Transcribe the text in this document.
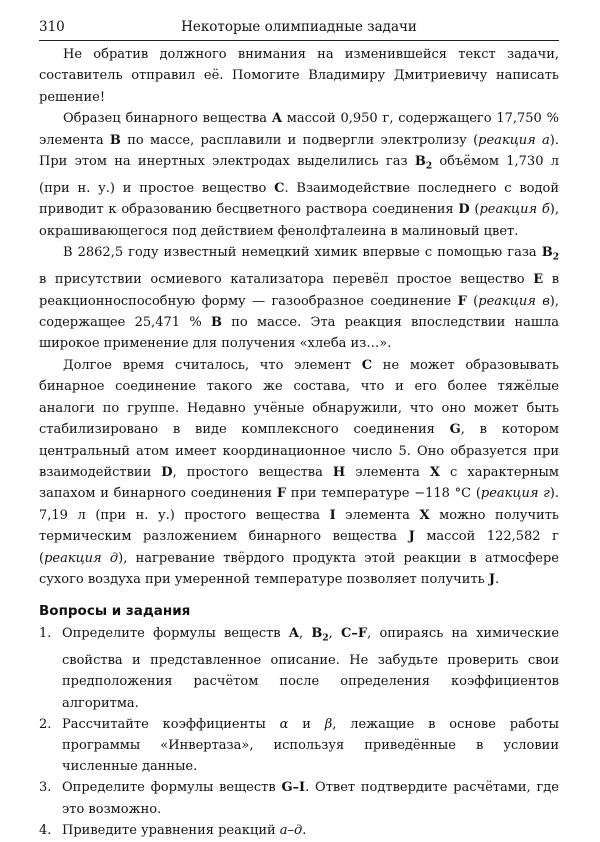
310	Некоторые олимпиадные задачи

Не обратив должного внимания на изменившейся текст задачи, составитель отправил её. Помогите Владимиру Дмитриевичу написать решение!

Образец бинарного вещества A массой 0,950 г, содержащего 17,750 % элемента B по массе, расплавили и подвергли электролизу (реакция а). При этом на инертных электродах выделились газ $B_2$ объёмом 1,730 л (при н. у.) и простое вещество C. Взаимодействие последнего с водой приводит к образованию бесцветного раствора соединения D (реакция б), окрашивающегося под действием фенолфталеина в малиновый цвет.

В 2862,5 году известный немецкий химик впервые с помощью газа $B_2$ в присутствии осмиевого катализатора перевёл простое вещество E в реакционноспособную форму — газообразное соединение F (реакция в), содержащее 25,471 % B по массе. Эта реакция впоследствии нашла широкое применение для получения «хлеба из…».

Долгое время считалось, что элемент C не может образовывать бинарное соединение такого же состава, что и его более тяжёлые аналоги по группе. Недавно учёные обнаружили, что оно может быть стабилизировано в виде комплексного соединения G, в котором центральный атом имеет координационное число 5. Оно образуется при взаимодействии D, простого вещества H элемента X с характерным запахом и бинарного соединения F при температуре −118 °C (реакция г). 7,19 л (при н. у.) простого вещества I элемента X можно получить термическим разложением бинарного вещества J массой 122,582 г (реакция д), нагревание твёрдого продукта этой реакции в атмосфере сухого воздуха при умеренной температуре позволяет получить J.

Вопросы и задания
1. Определите формулы веществ A, $B_2$, C–F, опираясь на химические свойства и представленное описание. Не забудьте проверить свои предположения расчётом после определения коэффициентов алгоритма.
2. Рассчитайте коэффициенты α и β, лежащие в основе работы программы «Инвертаза», используя приведённые в условии численные данные.
3. Определите формулы веществ G–I. Ответ подтвердите расчётами, где это возможно.
4. Приведите уравнения реакций а–д.
